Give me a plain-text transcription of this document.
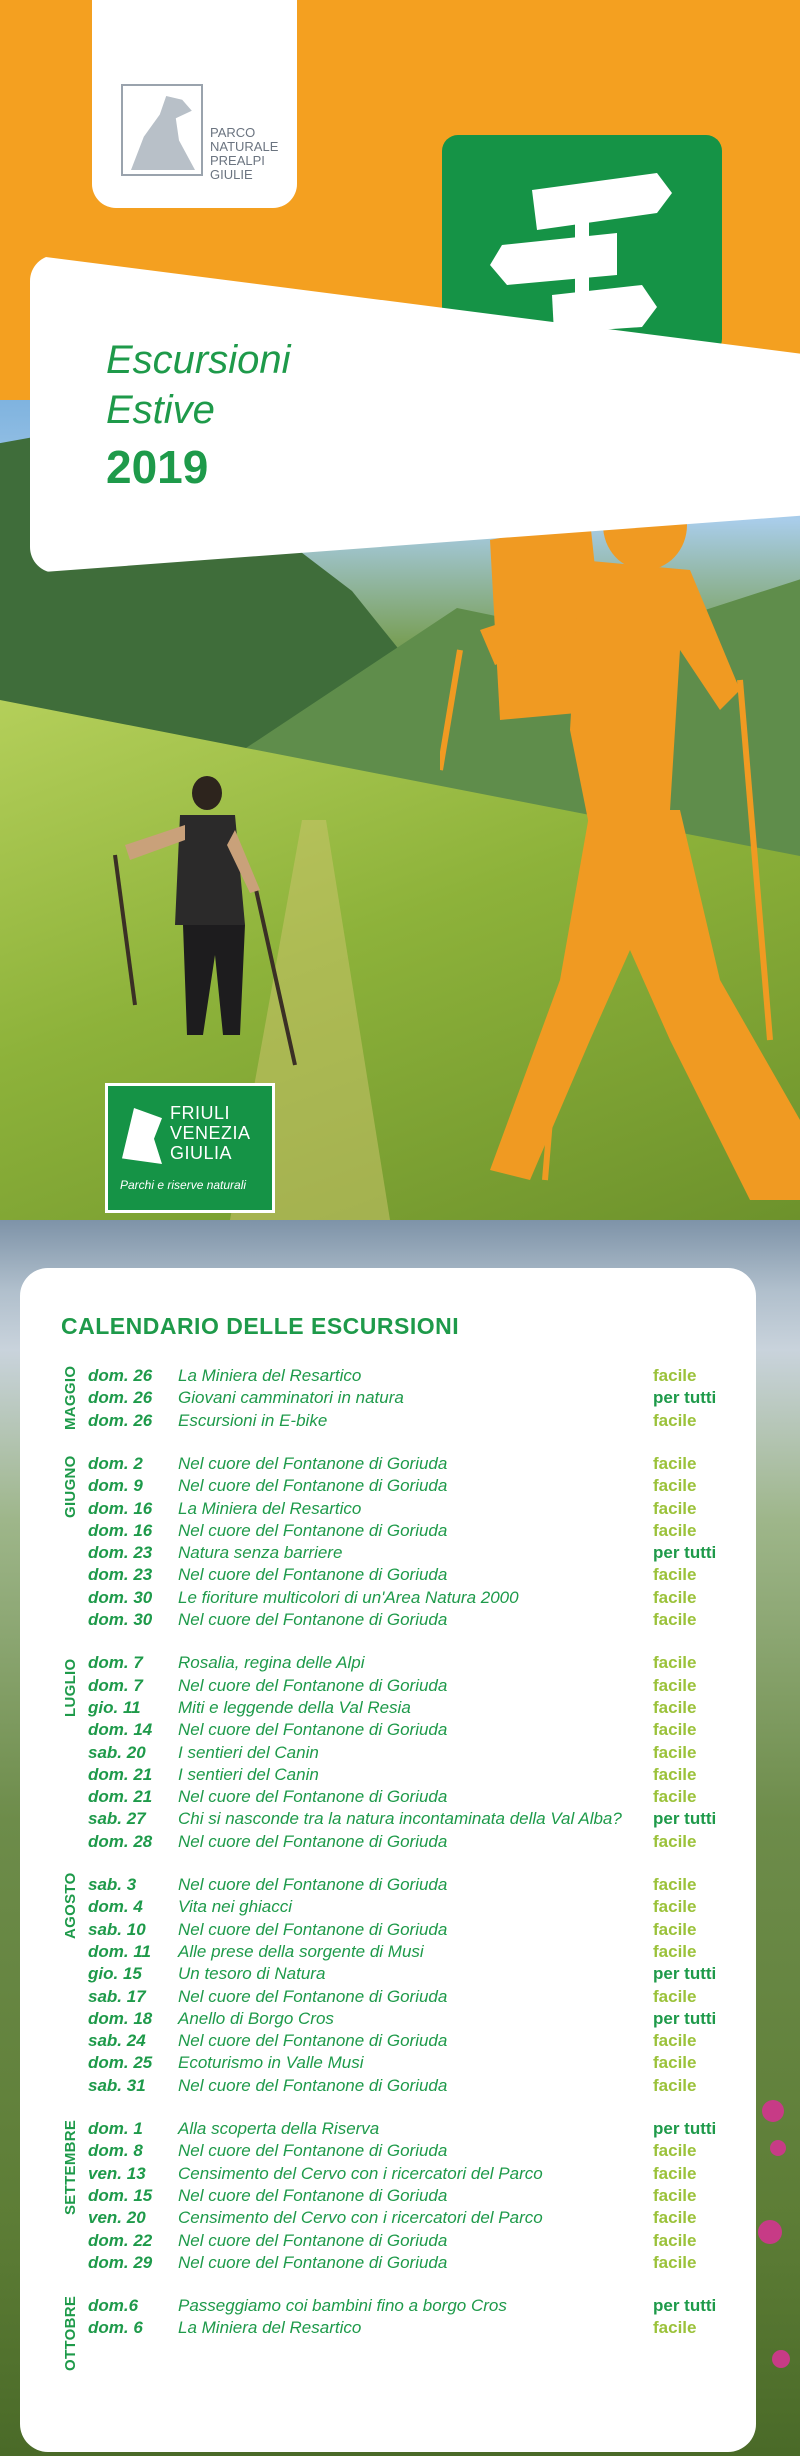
PARCO
NATURALE
PREALPI
GIULIE
Escursioni
Estive
2019
FRIULI
VENEZIA
GIULIA
Parchi e riserve naturali
CALENDARIO DELLE ESCURSIONI
dom. 26	La Miniera del Resartico	facile
dom. 26	Giovani camminatori in natura	per tutti
dom. 26	Escursioni in E-bike	facile
MAGGIO
dom. 2	Nel cuore del Fontanone di Goriuda	facile
dom. 9	Nel cuore del Fontanone di Goriuda	facile
dom. 16	La Miniera del Resartico	facile
dom. 16	Nel cuore del Fontanone di Goriuda	facile
dom. 23	Natura senza barriere	per tutti
dom. 23	Nel cuore del Fontanone di Goriuda	facile
dom. 30	Le fioriture multicolori di un'Area Natura 2000	facile
dom. 30	Nel cuore del Fontanone di Goriuda	facile
GIUGNO
dom. 7	Rosalia, regina delle Alpi	facile
dom. 7	Nel cuore del Fontanone di Goriuda	facile
gio. 11	Miti e leggende della Val Resia	facile
dom. 14	Nel cuore del Fontanone di Goriuda	facile
sab. 20	I sentieri del Canin	facile
dom. 21	I sentieri del Canin	facile
dom. 21	Nel cuore del Fontanone di Goriuda	facile
sab. 27	Chi si nasconde tra la natura incontaminata della Val Alba?	per tutti
dom. 28	Nel cuore del Fontanone di Goriuda	facile
LUGLIO
sab. 3	Nel cuore del Fontanone di Goriuda	facile
dom. 4	Vita nei ghiacci	facile
sab. 10	Nel cuore del Fontanone di Goriuda	facile
dom. 11	Alle prese della sorgente di Musi	facile
gio. 15	Un tesoro di Natura	per tutti
sab. 17	Nel cuore del Fontanone di Goriuda	facile
dom. 18	Anello di Borgo Cros	per tutti
sab. 24	Nel cuore del Fontanone di Goriuda	facile
dom. 25	Ecoturismo in Valle Musi	facile
sab. 31	Nel cuore del Fontanone di Goriuda	facile
AGOSTO
dom. 1	Alla scoperta della Riserva	per tutti
dom. 8	Nel cuore del Fontanone di Goriuda	facile
ven. 13	Censimento del Cervo con i ricercatori del Parco	facile
dom. 15	Nel cuore del Fontanone di Goriuda	facile
ven. 20	Censimento del Cervo con i ricercatori del Parco	facile
dom. 22	Nel cuore del Fontanone di Goriuda	facile
dom. 29	Nel cuore del Fontanone di Goriuda	facile
SETTEMBRE
dom.6	Passeggiamo coi bambini fino a borgo Cros	per tutti
dom. 6	La Miniera del Resartico	facile
OTTOBRE
